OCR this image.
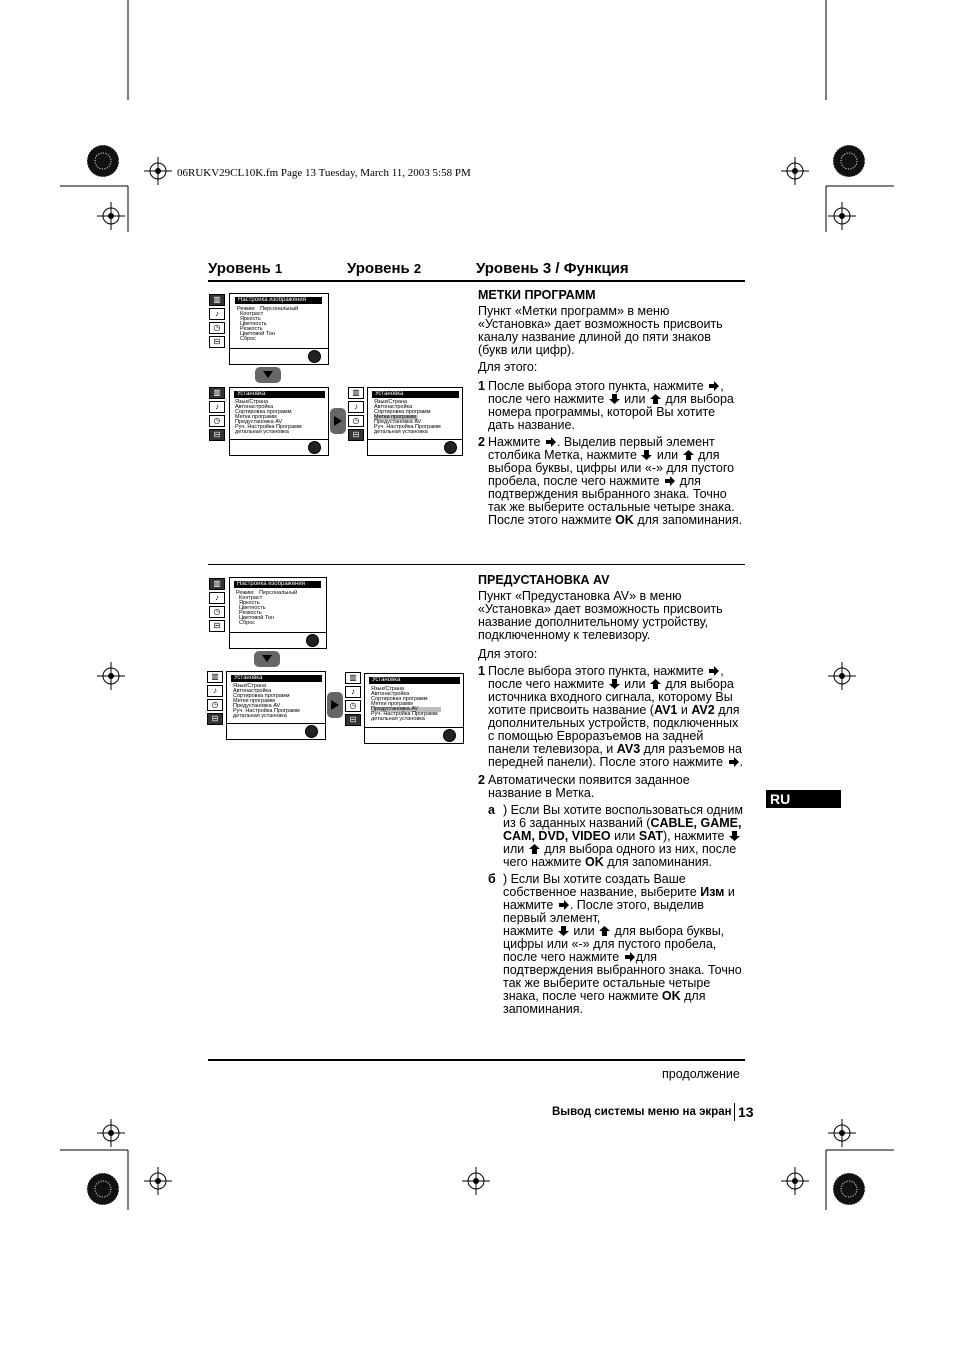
06RUKV29CL10K.fm Page 13 Tuesday, March 11, 2003 5:58 PM
Уровень 1	Уровень 2	Уровень 3 / Функция
▥
♪
◷
⊟
Настройка изображения
Режим:   Персональный
Контраст
Яркость
Цветность
Резкость
Цветовой Тон
Сброс
▥
♪
◷
⊟
Установка
Язык/Страна
Автонастройка
Сортировка программ
Метки программ
Предустановка AV
Руч. Настройка Программ
детальная установка
▥
♪
◷
⊟
Установка
Язык/Страна
Автонастройка
Сортировка программ
Метки программ
Предустановка AV
Руч. Настройка Программ
детальная установка
МЕТКИ ПРОГРАММ
Пункт «Метки программ» в меню «Установка» дает возможность присвоить каналу название длиной до пяти знаков (букв или цифр).
Для этого:
1 После выбора этого пункта, нажмите , после чего нажмите или для выбора номера программы, которой Вы хотите дать название.
2 Нажмите . Выделив первый элемент столбика Метка, нажмите или для выбора буквы, цифры или «-» для пустого пробела, после чего нажмите для подтверждения выбранного знака. Точно так же выберите остальные четыре знака. После этого нажмите OK для запоминания.
▥
♪
◷
⊟
Настройка изображения
Режим:   Персональный
Контраст
Яркость
Цветность
Резкость
Цветовой Тон
Сброс
▥
♪
◷
⊟
Установка
Язык/Страна
Автонастройка
Сортировка программ
Метки программ
Предустановка AV
Руч. Настройка Программ
детальная установка
▥
♪
◷
⊟
Установка
Язык/Страна
Автонастройка
Сортировка программ
Метки программ
Предустановка AV
Руч. Настройка Программ
детальная установка
ПРЕДУСТАНОВКА AV
Пункт «Предустановка AV» в меню «Установка» дает возможность присвоить название дополнительному устройству, подключенному к телевизору.
Для этого:
1 После выбора этого пункта, нажмите , после чего нажмите или для выбора источника входного сигнала, которому Вы хотите присвоить название (AV1 и AV2 для дополнительных устройств, подключенных с помощью Евроразъемов на задней панели телевизора, и AV3 для разъемов на передней панели). После этого нажмите .
2 Автоматически появится заданное название в Метка.
а ) Если Вы хотите воспользоваться одним из 6 заданных названий (CABLE, GAME, CAM, DVD, VIDEO или SAT), нажмите  или для выбора одного из них, после чего нажмите OK для запоминания.
б ) Если Вы хотите создать Ваше собственное название, выберите Изм и нажмите . После этого, выделив первый элемент,
нажмите или для выбора буквы, цифры или «-» для пустого пробела, после чего нажмите для подтверждения выбранного знака. Точно так же выберите остальные четыре знака, после чего нажмите OK для запоминания.
RU
продолжение
Вывод системы меню на экран 13
